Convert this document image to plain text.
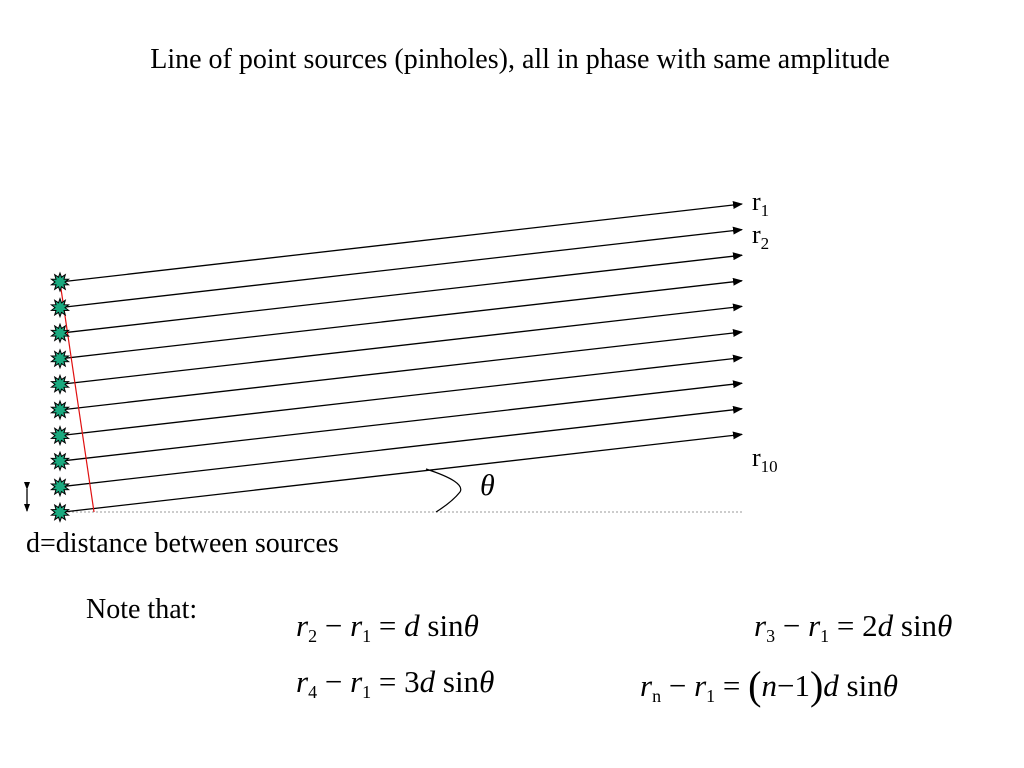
Line of point sources (pinholes), all in phase with same amplitude
$r_1$
$r_2$
$r_{10}$
θ
d=distance between sources
Note that:	$r_2 - r_1 = d$ sinθ	$r_3 - r_1 = 2d$ sinθ
$r_4 - r_1 = 3d$ sinθ	$r_n - r_1 = (n-1)d$ sinθ
